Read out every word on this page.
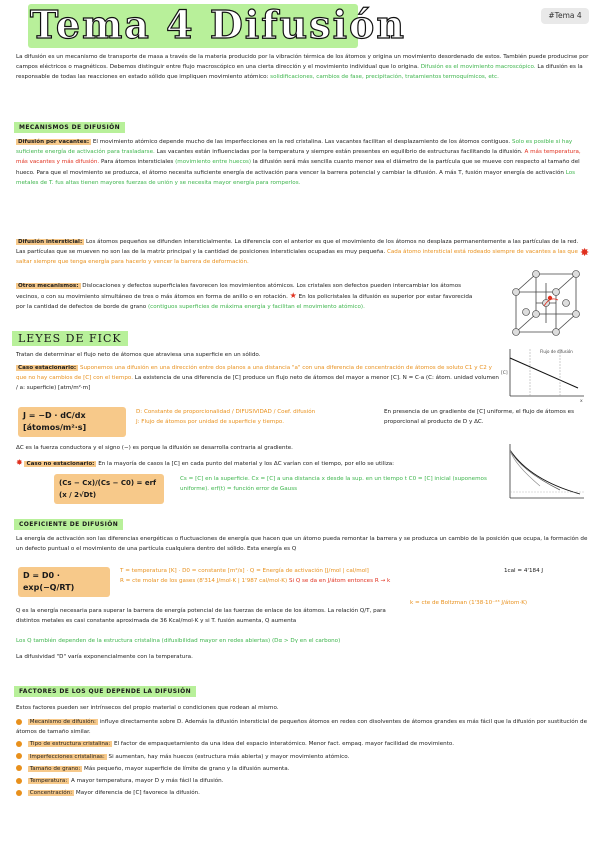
Tema 4 Difusión	#Tema 4
La difusión es un mecanismo de transporte de masa a través de la materia producido por la vibración térmica de los átomos y origina un movimiento desordenado de estos. También puede producirse por campos eléctricos o magnéticos. Debemos distinguir entre flujo macroscópico en una cierta dirección y el movimiento individual que lo origina. Difusión es el movimiento macroscópico. La difusión es la responsable de todas las reacciones en estado sólido que impliquen movimiento atómico: solidificaciones, cambios de fase, precipitación, tratamientos termoquímicos, etc.
MECANISMOS DE DIFUSIÓN
Difusión por vacantes: El movimiento atómico depende mucho de las imperfecciones en la red cristalina. Las vacantes facilitan el desplazamiento de los átomos contiguos. Solo es posible si hay suficiente energía de activación para trasladarse. Las vacantes están influenciadas por la temperatura y siempre están presentes en equilibrio de estructuras facilitando la difusión. A más temperatura, más vacantes y más difusión. Para átomos intersticiales (movimiento entre huecos) la difusión será más sencilla cuanto menor sea el diámetro de la partícula que se mueve con respecto al tamaño del hueco. Para que el movimiento se produzca, el átomo necesita suficiente energía de activación para vencer la barrera potencial y cambiar la difusión. A más T, fusión mayor energía de activación Los metales de T. fus altas tienen mayores fuerzas de unión y se necesita mayor energía para romperlos.
Difusión intersticial: Los átomos pequeños se difunden intersticialmente. La diferencia con el anterior es que el movimiento de los átomos no desplaza permanentemente a las partículas de la red. Las partículas que se mueven no son las de la matriz principal y la cantidad de posiciones intersticiales ocupadas es muy pequeña. Cada átomo intersticial está rodeado siempre de vacantes a las que saltar siempre que tenga energía para hacerlo y vencer la barrera de deformación.
Otros mecanismos: Dislocaciones y defectos superficiales favorecen los movimientos atómicos. Los cristales son defectos pueden intercambiar los átomos vecinos, o con su movimiento simultáneo de tres o más átomos en forma de anillo o en rotación. ★ En los policristales la difusión es superior por estar favorecida por la cantidad de defectos de borde de grano (contiguos superficies de máxima energía y facilitan el movimiento atómico).
✸
LEYES DE FICK
Tratan de determinar el flujo neto de átomos que atraviesa una superficie en un sólido.
Caso estacionario: Suponemos una difusión en una dirección entre dos planos a una distancia "a" con una diferencia de concentración de átomos de soluto C1 y C2 y que no hay cambios de [C] con el tiempo. La existencia de una diferencia de [C] produce un flujo neto de átomos del mayor a menor [C]. N = C·a (C: átom. unidad volumen / a: superficie) [atm/m²·m]
Flujo de difusión
[C]
x
J = −D · dC/dx [átomos/m²·s]
D: Constante de proporcionalidad / DIFUSIVIDAD / Coef. difusión
J: Flujo de átomos por unidad de superficie y tiempo.
En presencia de un gradiente de [C] uniforme, el flujo de átomos es proporcional al producto de D y ΔC.
ΔC es la fuerza conductora y el signo (−) es porque la difusión se desarrolla contraria al gradiente.
✸ Caso no estacionario: En la mayoría de casos la [C] en cada punto del material y los ΔC varían con el tiempo, por ello se utiliza:
(Cs − Cx)/(Cs − C0) = erf (x / 2√Dt)
Cs = [C] en la superficie. Cx = [C] a una distancia x desde la sup. en un tiempo t C0 = [C] inicial (suponemos uniforme). erf(t) = función error de Gauss
COEFICIENTE DE DIFUSIÓN
La energía de activación son las diferencias energéticas o fluctuaciones de energía que hacen que un átomo pueda remontar la barrera y se produzca un cambio de la posición que ocupa, la formación de un defecto puntual o el movimiento de una partícula cualquiera dentro del sólido. Esta energía es Q
D = D0 · exp(−Q/RT)
T = temperatura [K] · D0 = constante [m²/s] · Q = Energía de activación [J/mol | cal/mol]
R = cte molar de los gases (8'314 J/mol·K | 1'987 cal/mol·K) Si Q se da en J/átom entonces R → k
1cal = 4'184 J
k = cte de Boltzman (1'38·10⁻²³ J/átom·K)
Q es la energía necesaria para superar la barrera de energía potencial de las fuerzas de enlace de los átomos. La relación Q/T, para distintos metales es casi constante aproximada de 36 Kcal/mol·K y si T. fusión aumenta, Q aumenta
Los Q también dependen de la estructura cristalina (difusibilidad mayor en redes abiertas) (Dα > Dγ en el carbono)
La difusividad "D" varía exponencialmente con la temperatura.
FACTORES DE LOS QUE DEPENDE LA DIFUSIÓN
Estos factores pueden ser intrínsecos del propio material o condiciones que rodean al mismo.
Mecanismo de difusión: influye directamente sobre D. Además la difusión intersticial de pequeños átomos en redes con disolventes de átomos grandes es más fácil que la difusión por sustitución de átomos de tamaño similar.
Tipo de estructura cristalina: El factor de empaquetamiento da una idea del espacio interatómico. Menor fact. empaq. mayor facilidad de movimiento.
Imperfecciones cristalinas: Si aumentan, hay más huecos (estructura más abierta) y mayor movimiento atómico.
Tamaño de grano: Más pequeño, mayor superficie de límite de grano y la difusión aumenta.
Temperatura: A mayor temperatura, mayor D y más fácil la difusión.
Concentración: Mayor diferencia de [C] favorece la difusión.
